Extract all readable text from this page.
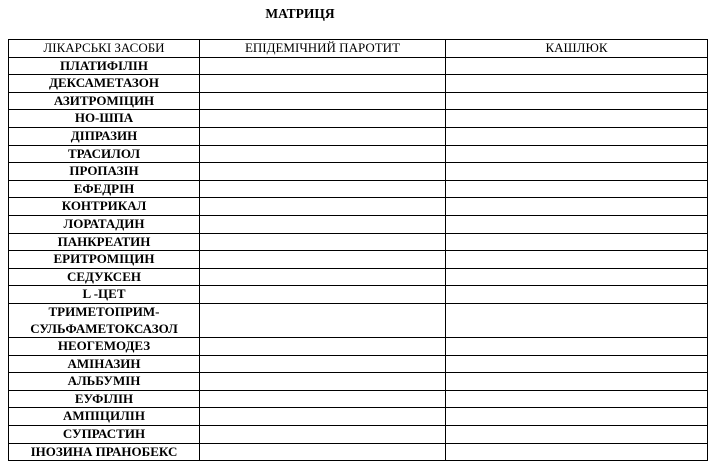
МАТРИЦЯ
ЛІКАРСЬКІ ЗАСОБИ	ЕПІДЕМІЧНИЙ ПАРОТИТ	КАШЛЮК
ПЛАТИФІЛІН		
ДЕКСАМЕТАЗОН		
АЗИТРОМІЦИН		
НО-ШПА		
ДІПРАЗИН		
ТРАСИЛОЛ		
ПРОПАЗІН		
ЕФЕДРІН		
КОНТРИКАЛ		
ЛОРАТАДИН		
ПАНКРЕАТИН		
ЕРИТРОМІЦИН		
СЕДУКСЕН		
L -ЦЕТ		
ТРИМЕТОПРИМ-
СУЛЬФАМЕТОКСАЗОЛ		
НЕОГЕМОДЕЗ		
АМІНАЗИН		
АЛЬБУМІН		
ЕУФІЛІН		
АМПІЦИЛІН		
СУПРАСТИН		
ІНОЗИНА ПРАНОБЕКС		
